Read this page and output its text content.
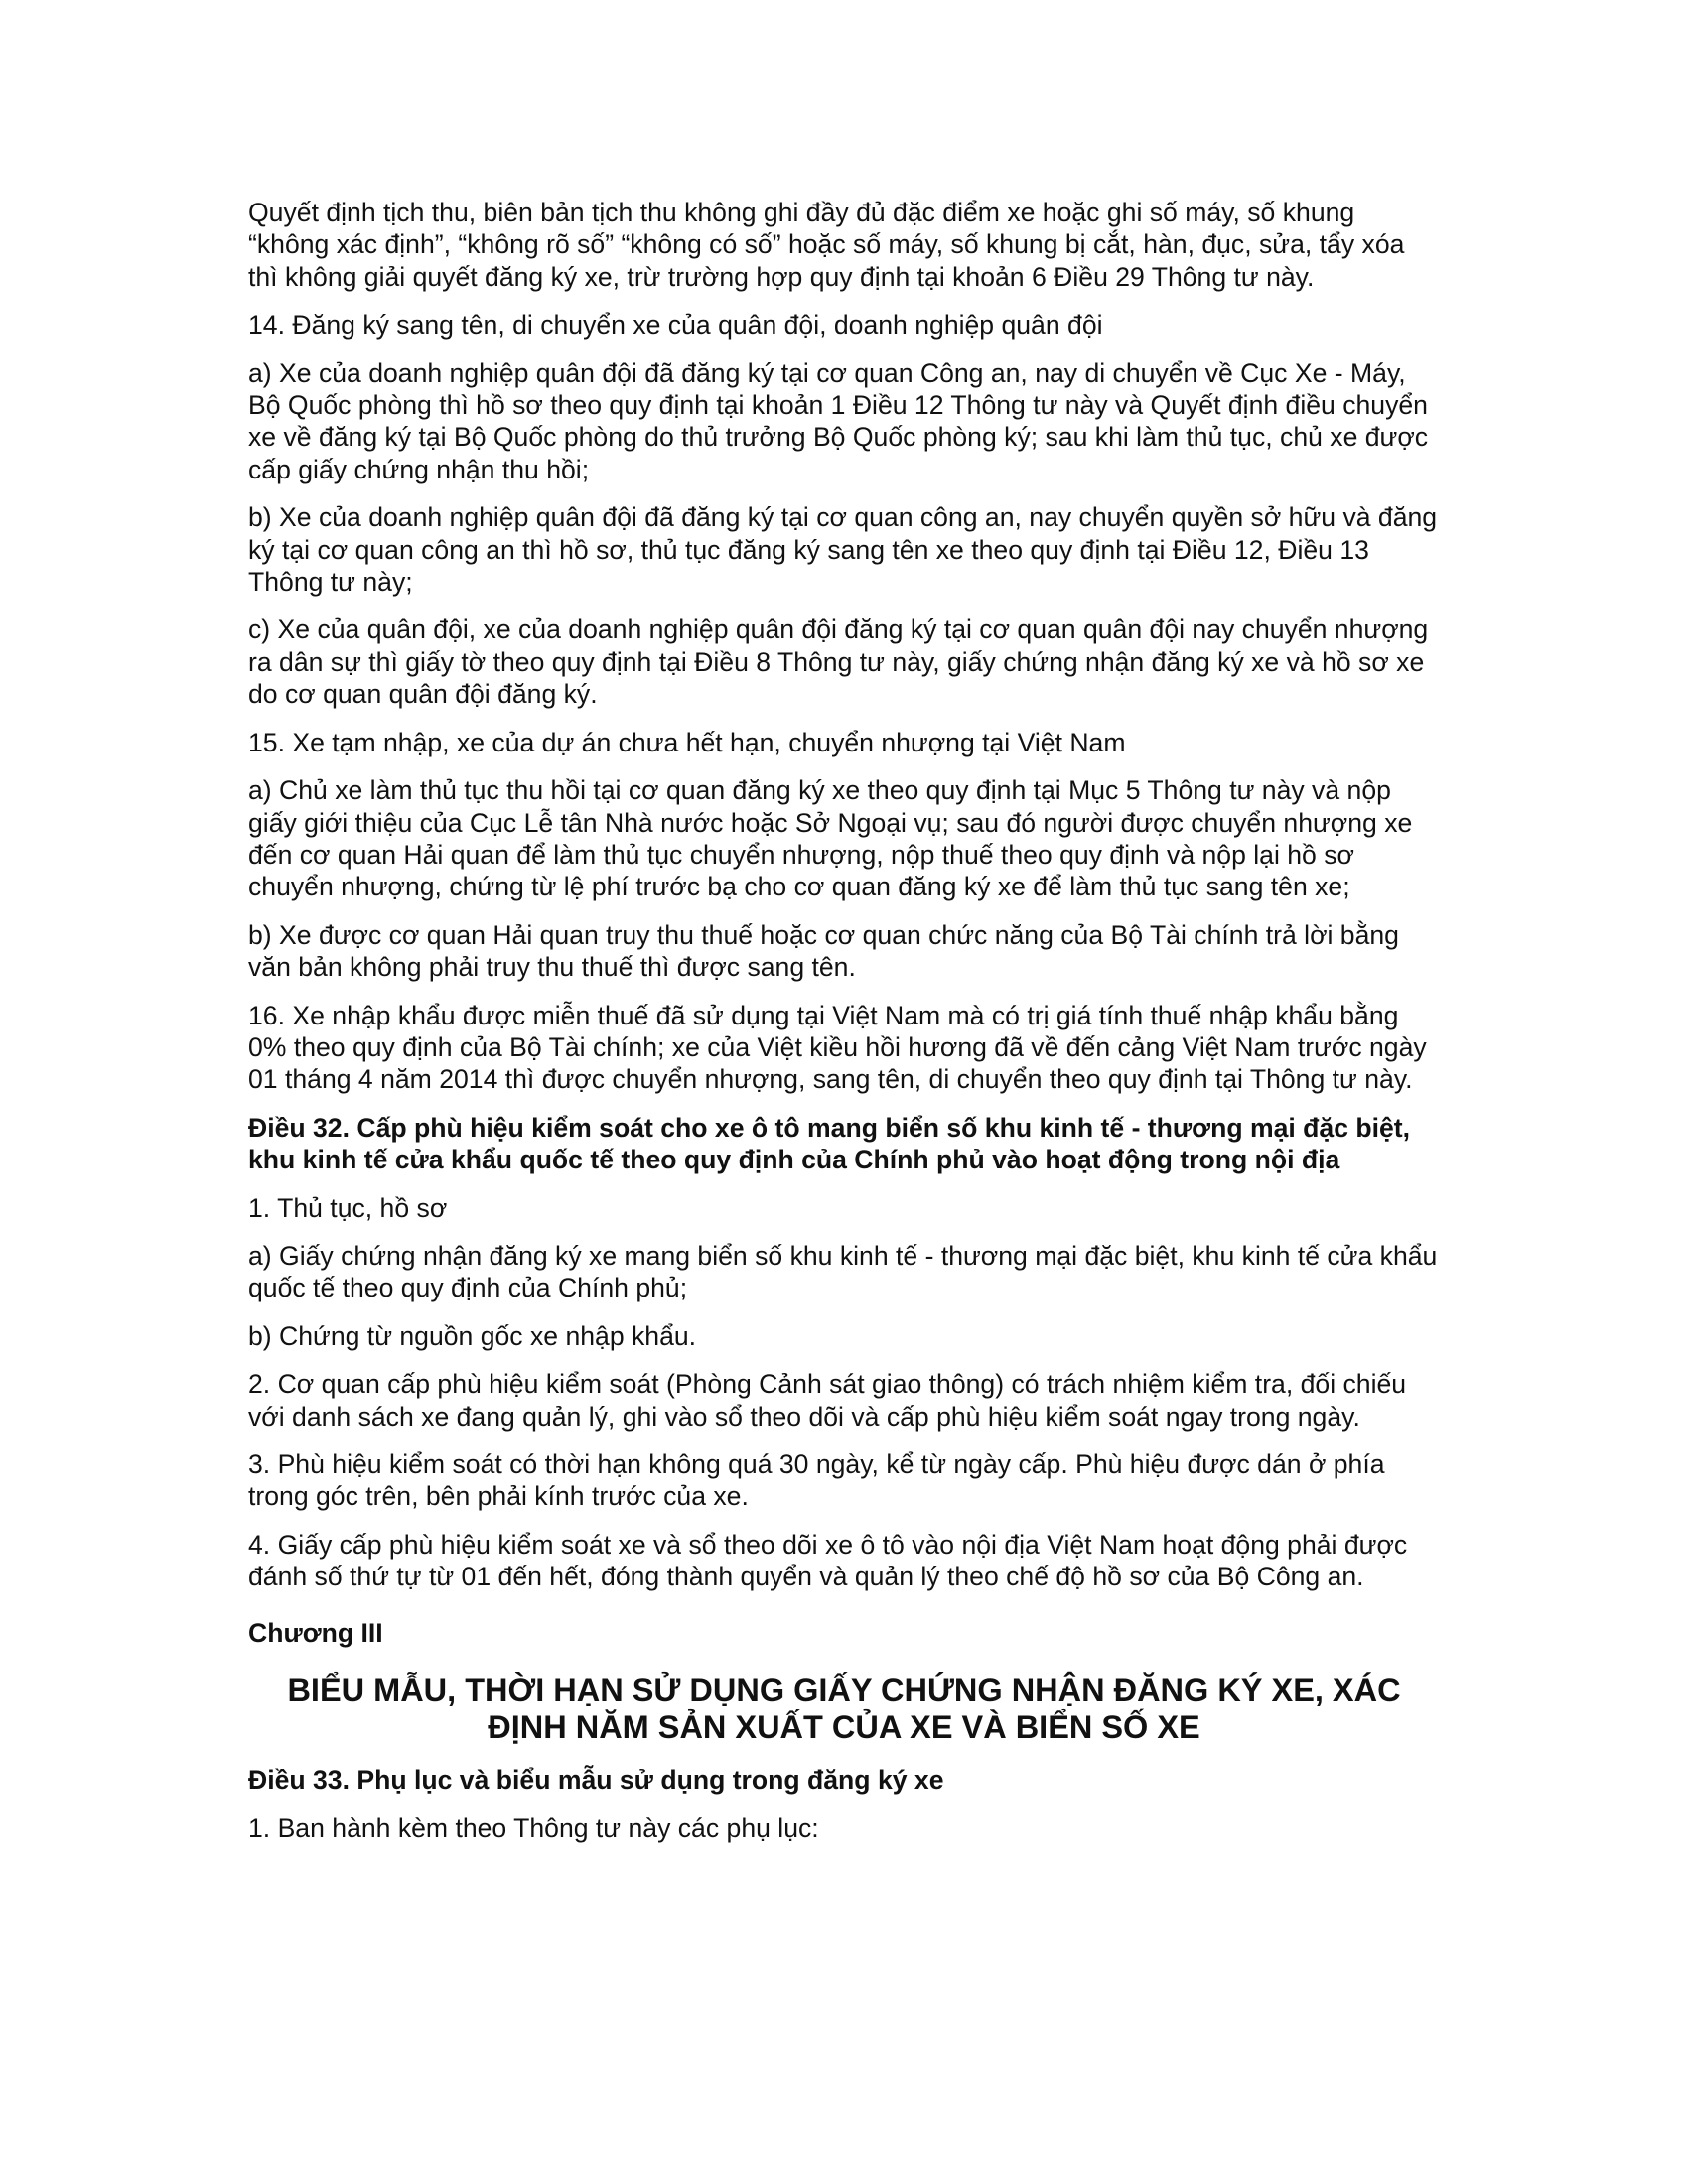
Quyết định tịch thu, biên bản tịch thu không ghi đầy đủ đặc điểm xe hoặc ghi số máy, số khung “không xác định”, “không rõ số” “không có số” hoặc số máy, số khung bị cắt, hàn, đục, sửa, tẩy xóa thì không giải quyết đăng ký xe, trừ trường hợp quy định tại khoản 6 Điều 29 Thông tư này.

14. Đăng ký sang tên, di chuyển xe của quân đội, doanh nghiệp quân đội

a) Xe của doanh nghiệp quân đội đã đăng ký tại cơ quan Công an, nay di chuyển về Cục Xe - Máy, Bộ Quốc phòng thì hồ sơ theo quy định tại khoản 1 Điều 12 Thông tư này và Quyết định điều chuyển xe về đăng ký tại Bộ Quốc phòng do thủ trưởng Bộ Quốc phòng ký; sau khi làm thủ tục, chủ xe được cấp giấy chứng nhận thu hồi;

b) Xe của doanh nghiệp quân đội đã đăng ký tại cơ quan công an, nay chuyển quyền sở hữu và đăng ký tại cơ quan công an thì hồ sơ, thủ tục đăng ký sang tên xe theo quy định tại Điều 12, Điều 13 Thông tư này;

c) Xe của quân đội, xe của doanh nghiệp quân đội đăng ký tại cơ quan quân đội nay chuyển nhượng ra dân sự thì giấy tờ theo quy định tại Điều 8 Thông tư này, giấy chứng nhận đăng ký xe và hồ sơ xe do cơ quan quân đội đăng ký.

15. Xe tạm nhập, xe của dự án chưa hết hạn, chuyển nhượng tại Việt Nam

a) Chủ xe làm thủ tục thu hồi tại cơ quan đăng ký xe theo quy định tại Mục 5 Thông tư này và nộp giấy giới thiệu của Cục Lễ tân Nhà nước hoặc Sở Ngoại vụ; sau đó người được chuyển nhượng xe đến cơ quan Hải quan để làm thủ tục chuyển nhượng, nộp thuế theo quy định và nộp lại hồ sơ chuyển nhượng, chứng từ lệ phí trước bạ cho cơ quan đăng ký xe để làm thủ tục sang tên xe;

b) Xe được cơ quan Hải quan truy thu thuế hoặc cơ quan chức năng của Bộ Tài chính trả lời bằng văn bản không phải truy thu thuế thì được sang tên.

16. Xe nhập khẩu được miễn thuế đã sử dụng tại Việt Nam mà có trị giá tính thuế nhập khẩu bằng 0% theo quy định của Bộ Tài chính; xe của Việt kiều hồi hương đã về đến cảng Việt Nam trước ngày 01 tháng 4 năm 2014 thì được chuyển nhượng, sang tên, di chuyển theo quy định tại Thông tư này.

Điều 32. Cấp phù hiệu kiểm soát cho xe ô tô mang biển số khu kinh tế - thương mại đặc biệt, khu kinh tế cửa khẩu quốc tế theo quy định của Chính phủ vào hoạt động trong nội địa

1. Thủ tục, hồ sơ

a) Giấy chứng nhận đăng ký xe mang biển số khu kinh tế - thương mại đặc biệt, khu kinh tế cửa khẩu quốc tế theo quy định của Chính phủ;

b) Chứng từ nguồn gốc xe nhập khẩu.

2. Cơ quan cấp phù hiệu kiểm soát (Phòng Cảnh sát giao thông) có trách nhiệm kiểm tra, đối chiếu với danh sách xe đang quản lý, ghi vào sổ theo dõi và cấp phù hiệu kiểm soát ngay trong ngày.

3. Phù hiệu kiểm soát có thời hạn không quá 30 ngày, kể từ ngày cấp. Phù hiệu được dán ở phía trong góc trên, bên phải kính trước của xe.

4. Giấy cấp phù hiệu kiểm soát xe và sổ theo dõi xe ô tô vào nội địa Việt Nam hoạt động phải được đánh số thứ tự từ 01 đến hết, đóng thành quyển và quản lý theo chế độ hồ sơ của Bộ Công an.

Chương III

BIỂU MẪU, THỜI HẠN SỬ DỤNG GIẤY CHỨNG NHẬN ĐĂNG KÝ XE, XÁC ĐỊNH NĂM SẢN XUẤT CỦA XE VÀ BIỂN SỐ XE

Điều 33. Phụ lục và biểu mẫu sử dụng trong đăng ký xe

1. Ban hành kèm theo Thông tư này các phụ lục:
